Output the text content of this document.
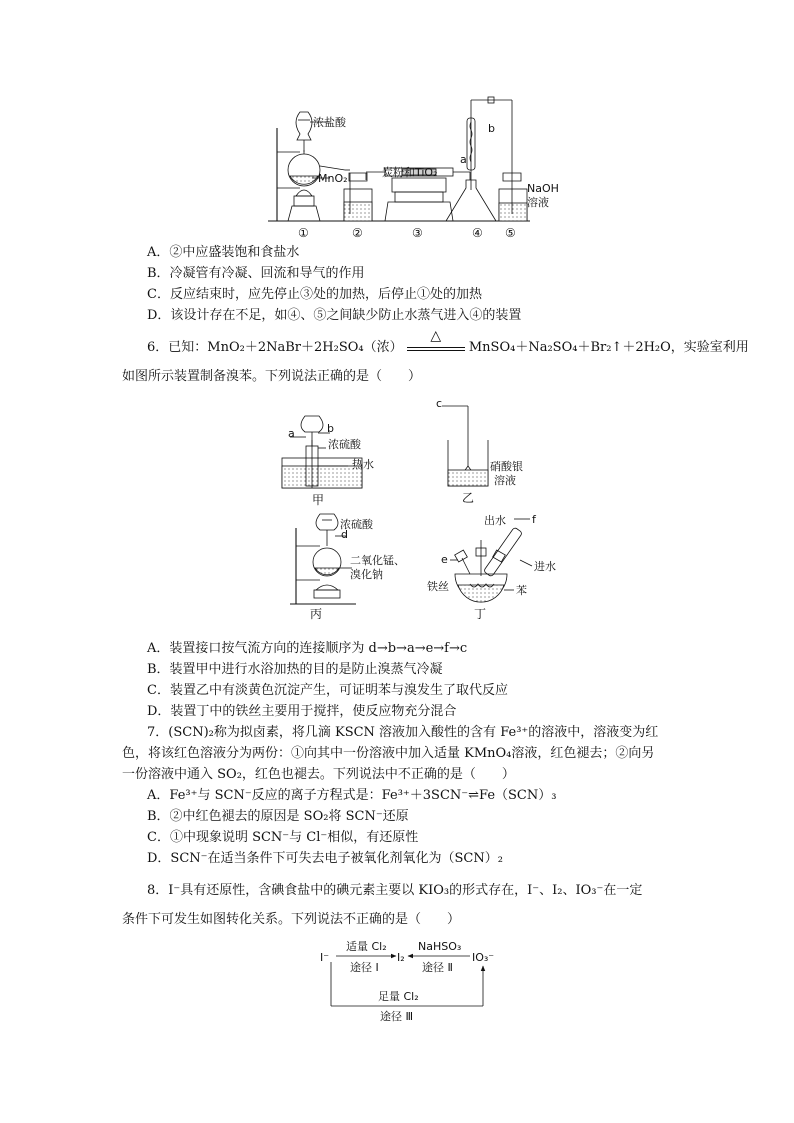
浓盐酸
MnO₂	炭粉和TiO₂
a
b
NaOH
溶液
①	②	③	④ ⑤
A．②中应盛装饱和食盐水
B．冷凝管有冷凝、回流和导气的作用
C．反应结束时，应先停止③处的加热，后停止①处的加热
D．该设计存在不足，如④、⑤之间缺少防止水蒸气进入④的装置
6．已知：MnO₂＋2NaBr＋2H₂SO₄（浓）
△
MnSO₄＋Na₂SO₄＋Br₂↑＋2H₂O，实验室利用
如图所示装置制备溴苯。下列说法正确的是（　　）
a	b
浓硫酸
热水
甲
c
硝酸银
溶液
乙
浓硫酸
d
二氧化锰、
溴化钠
丙
出水 f
e
进水
铁丝	苯
丁
A．装置接口按气流方向的连接顺序为 d→b→a→e→f→c
B．装置甲中进行水浴加热的目的是防止溴蒸气冷凝
C．装置乙中有淡黄色沉淀产生，可证明苯与溴发生了取代反应
D．装置丁中的铁丝主要用于搅拌，使反应物充分混合
7．(SCN)₂称为拟卤素，将几滴 KSCN 溶液加入酸性的含有 Fe³⁺的溶液中，溶液变为红
色，将该红色溶液分为两份：①向其中一份溶液中加入适量 KMnO₄溶液，红色褪去；②向另
一份溶液中通入 SO₂，红色也褪去。下列说法中不正确的是（　　）
A．Fe³⁺与 SCN⁻反应的离子方程式是：Fe³⁺＋3SCN⁻⇌Fe（SCN）₃
B．②中红色褪去的原因是 SO₂将 SCN⁻还原
C．①中现象说明 SCN⁻与 Cl⁻相似，有还原性
D．SCN⁻在适当条件下可失去电子被氧化剂氧化为（SCN）₂
8．I⁻具有还原性，含碘食盐中的碘元素主要以 KIO₃的形式存在，I⁻、I₂、IO₃⁻在一定
条件下可发生如图转化关系。下列说法不正确的是（　　）
I⁻	I₂	IO₃⁻
适量 Cl₂
途径 Ⅰ
NaHSO₃
途径 Ⅱ
足量 Cl₂
途径 Ⅲ
